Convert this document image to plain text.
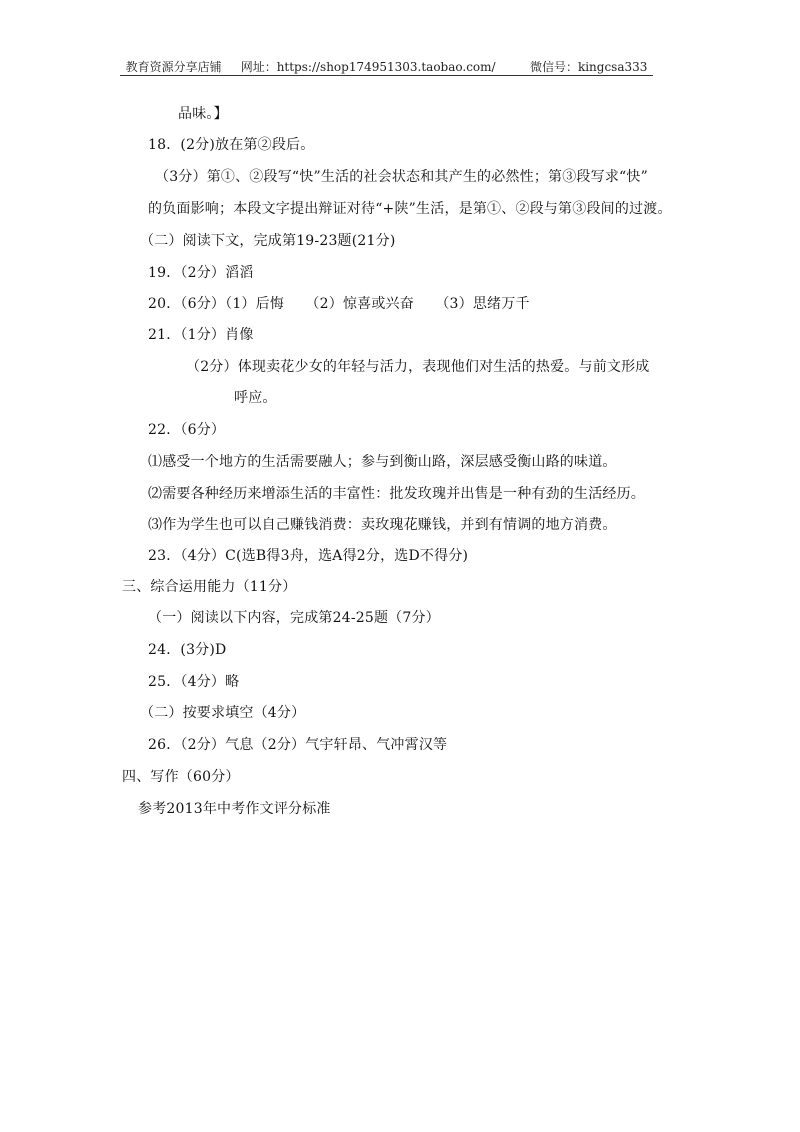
教育资源分享店铺 网址：https://shop174951303.taobao.com/	微信号：kingcsa333
品味。】
18．(2分)放在第②段后。
（3分）第①、②段写“快”生活的社会状态和其产生的必然性；第③段写求“快”
的负面影响；本段文字提出辩证对待“+陕”生活，是第①、②段与第③段间的过渡。
（二）阅读下文，完成第19-23题(21分)
19．（2分）滔滔
20．（6分）（1）后悔　　（2）惊喜或兴奋　　（3）思绪万千
21．（1分）肖像
（2分）体现卖花少女的年轻与活力，表现他们对生活的热爱。与前文形成
呼应。
22．（6分）
⑴感受一个地方的生活需要融人；参与到衡山路，深层感受衡山路的味道。
⑵需要各种经历来增添生活的丰富性：批发玫瑰并出售是一种有劲的生活经历。
⑶作为学生也可以自己赚钱消费：卖玫瑰花赚钱，并到有情调的地方消费。
23．（4分）C(选B得3舟，选A得2分，选D不得分)
三、综合运用能力（11分）
（一）阅读以下内容，完成第24-25题（7分）
24．(3分)D
25．（4分）略
（二）按要求填空（4分）
26．（2分）气息（2分）气宇轩昂、气冲霄汉等
四、写作（60分）
参考2013年中考作文评分标准
